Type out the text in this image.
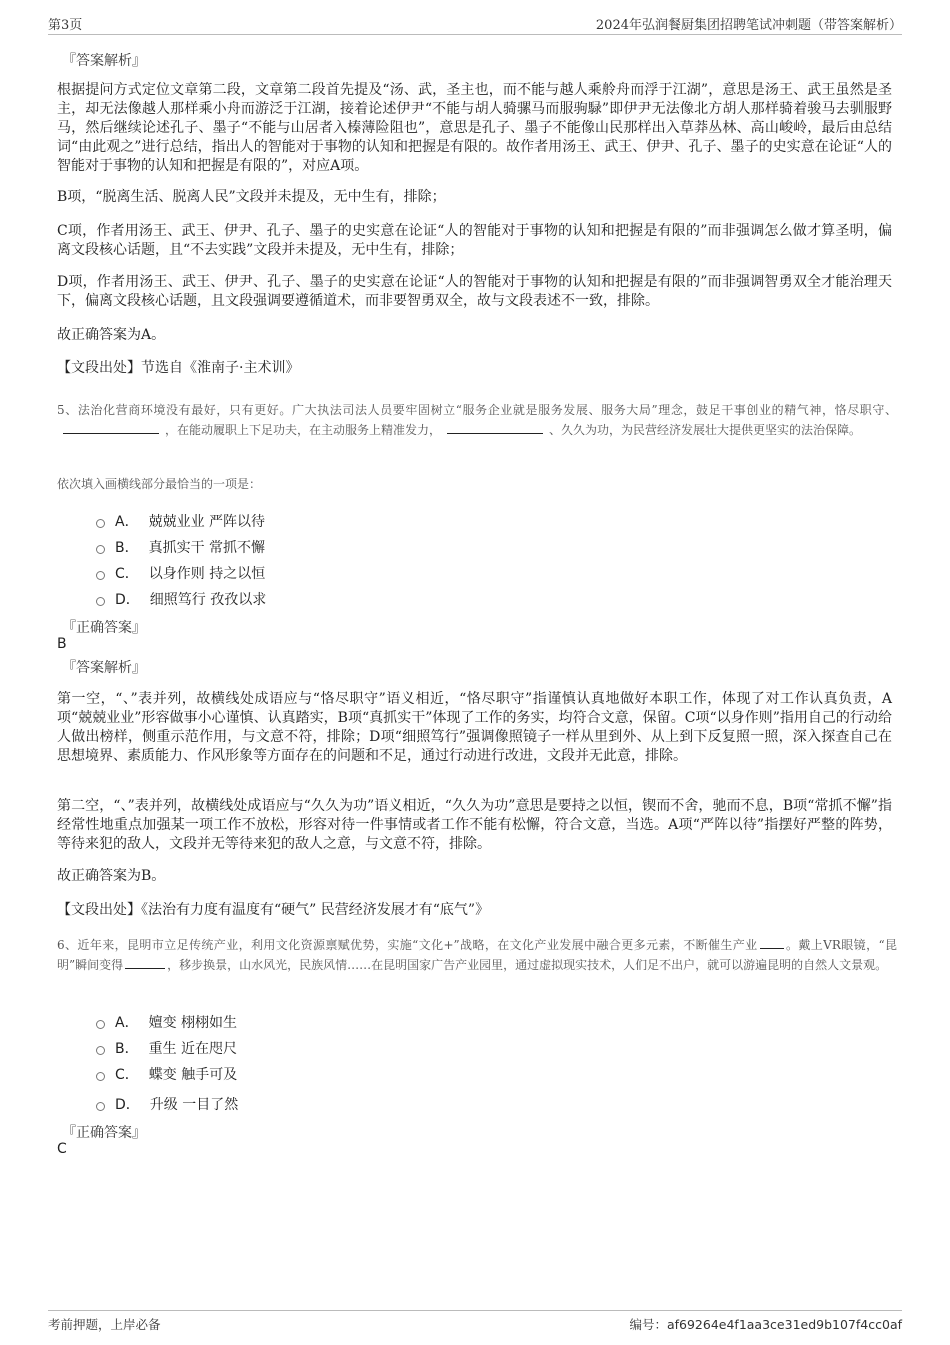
第3页	2024年弘润餐厨集团招聘笔试冲刺题（带答案解析）
『答案解析』

根据提问方式定位文章第二段，文章第二段首先提及“汤、武，圣主也，而不能与越人乘舲舟而浮于江湖”，意思是汤王、武王虽然是圣主，却无法像越人那样乘小舟而游泛于江湖，接着论述伊尹“不能与胡人骑骡马而服驹騄”即伊尹无法像北方胡人那样骑着骏马去驯服野马，然后继续论述孔子、墨子“不能与山居者入榛薄险阻也”，意思是孔子、墨子不能像山民那样出入草莽丛林、高山峻岭，最后由总结词“由此观之”进行总结，指出人的智能对于事物的认知和把握是有限的。故作者用汤王、武王、伊尹、孔子、墨子的史实意在论证“人的智能对于事物的认知和把握是有限的”，对应A项。

B项，“脱离生活、脱离人民”文段并未提及，无中生有，排除；

C项，作者用汤王、武王、伊尹、孔子、墨子的史实意在论证“人的智能对于事物的认知和把握是有限的”而非强调怎么做才算圣明，偏离文段核心话题，且“不去实践”文段并未提及，无中生有，排除；

D项，作者用汤王、武王、伊尹、孔子、墨子的史实意在论证“人的智能对于事物的认知和把握是有限的”而非强调智勇双全才能治理天下，偏离文段核心话题，且文段强调要遵循道术，而非要智勇双全，故与文段表述不一致，排除。

故正确答案为A。

【文段出处】节选自《淮南子·主术训》

5、法治化营商环境没有最好，只有更好。广大执法司法人员要牢固树立“服务企业就是服务发展、服务大局”理念，鼓足干事创业的精气神，恪尽职守、，在能动履职上下足功夫，在主动服务上精准发力，	、久久为功，为民营经济发展壮大提供更坚实的法治保障。

依次填入画横线部分最恰当的一项是：

A． 兢兢业业 严阵以待
B． 真抓实干 常抓不懈
C． 以身作则 持之以恒
D． 细照笃行 孜孜以求
『正确答案』
B
『答案解析』

第一空，“、”表并列，故横线处成语应与“恪尽职守”语义相近，“恪尽职守”指谨慎认真地做好本职工作，体现了对工作认真负责，A项“兢兢业业”形容做事小心谨慎、认真踏实，B项“真抓实干”体现了工作的务实，均符合文意，保留。C项“以身作则”指用自己的行动给人做出榜样，侧重示范作用，与文意不符，排除；D项“细照笃行”强调像照镜子一样从里到外、从上到下反复照一照，深入探查自己在思想境界、素质能力、作风形象等方面存在的问题和不足，通过行动进行改进，文段并无此意，排除。

第二空，“、”表并列，故横线处成语应与“久久为功”语义相近，“久久为功”意思是要持之以恒，锲而不舍，驰而不息，B项“常抓不懈”指经常性地重点加强某一项工作不放松，形容对待一件事情或者工作不能有松懈，符合文意，当选。A项“严阵以待”指摆好严整的阵势，等待来犯的敌人，文段并无等待来犯的敌人之意，与文意不符，排除。

故正确答案为B。

【文段出处】《法治有力度有温度有“硬气” 民营经济发展才有“底气”》

6、近年来，昆明市立足传统产业，利用文化资源禀赋优势，实施“文化+”战略，在文化产业发展中融合更多元素，不断催生产业 。戴上VR眼镜，“昆明”瞬间变得	，移步换景，山水风光，民族风情……在昆明国家广告产业园里，通过虚拟现实技术，人们足不出户，就可以游遍昆明的自然人文景观。

A． 嬗变 栩栩如生
B． 重生 近在咫尺
C． 蝶变 触手可及
D． 升级 一目了然
『正确答案』
C
考前押题，上岸必备	编号：af69264e4f1aa3ce31ed9b107f4cc0af
